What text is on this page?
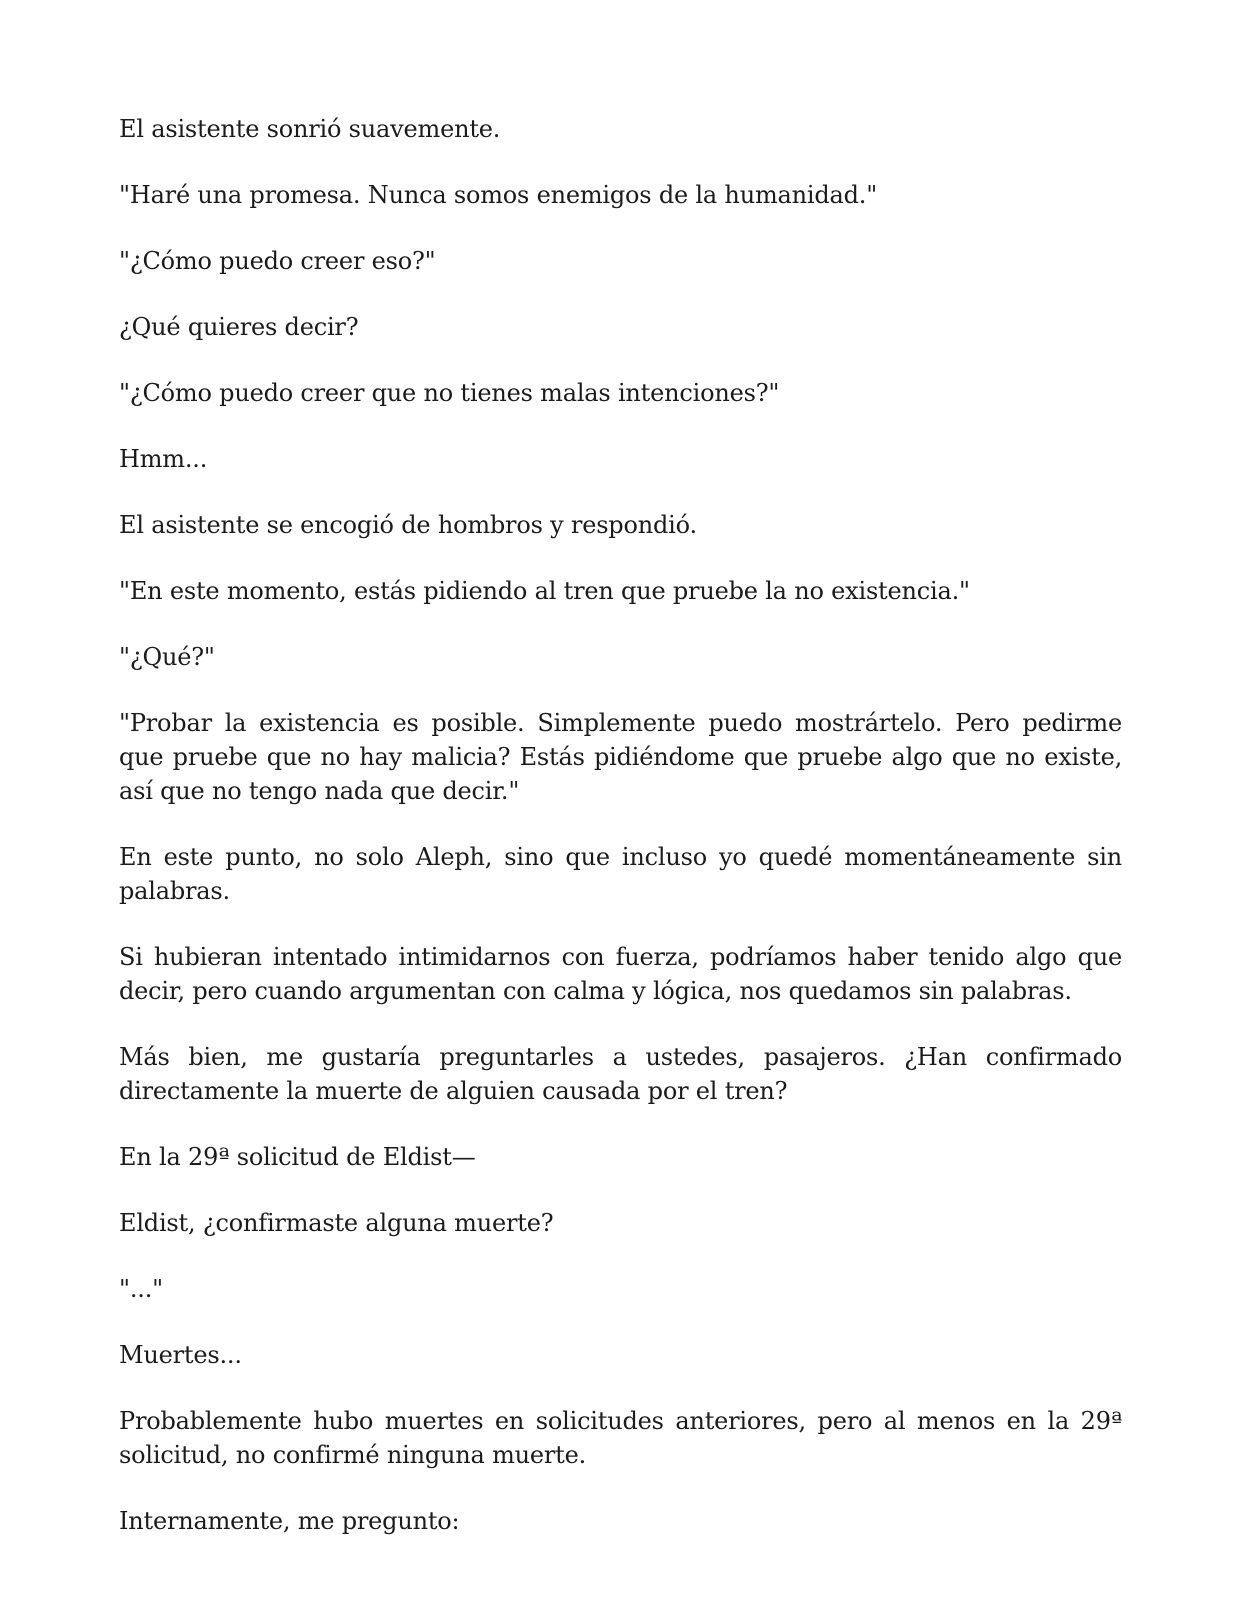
El asistente sonrió suavemente.

"Haré una promesa. Nunca somos enemigos de la humanidad."

"¿Cómo puedo creer eso?"

¿Qué quieres decir?

"¿Cómo puedo creer que no tienes malas intenciones?"

Hmm...

El asistente se encogió de hombros y respondió.

"En este momento, estás pidiendo al tren que pruebe la no existencia."

"¿Qué?"

"Probar la existencia es posible. Simplemente puedo mostrártelo. Pero pedirme que pruebe que no hay malicia? Estás pidiéndome que pruebe algo que no existe, así que no tengo nada que decir."

En este punto, no solo Aleph, sino que incluso yo quedé momentáneamente sin palabras.

Si hubieran intentado intimidarnos con fuerza, podríamos haber tenido algo que decir, pero cuando argumentan con calma y lógica, nos quedamos sin palabras.

Más bien, me gustaría preguntarles a ustedes, pasajeros. ¿Han confirmado directamente la muerte de alguien causada por el tren?

En la 29ª solicitud de Eldist—

Eldist, ¿confirmaste alguna muerte?

"..."

Muertes...

Probablemente hubo muertes en solicitudes anteriores, pero al menos en la 29ª solicitud, no confirmé ninguna muerte.

Internamente, me pregunto:
